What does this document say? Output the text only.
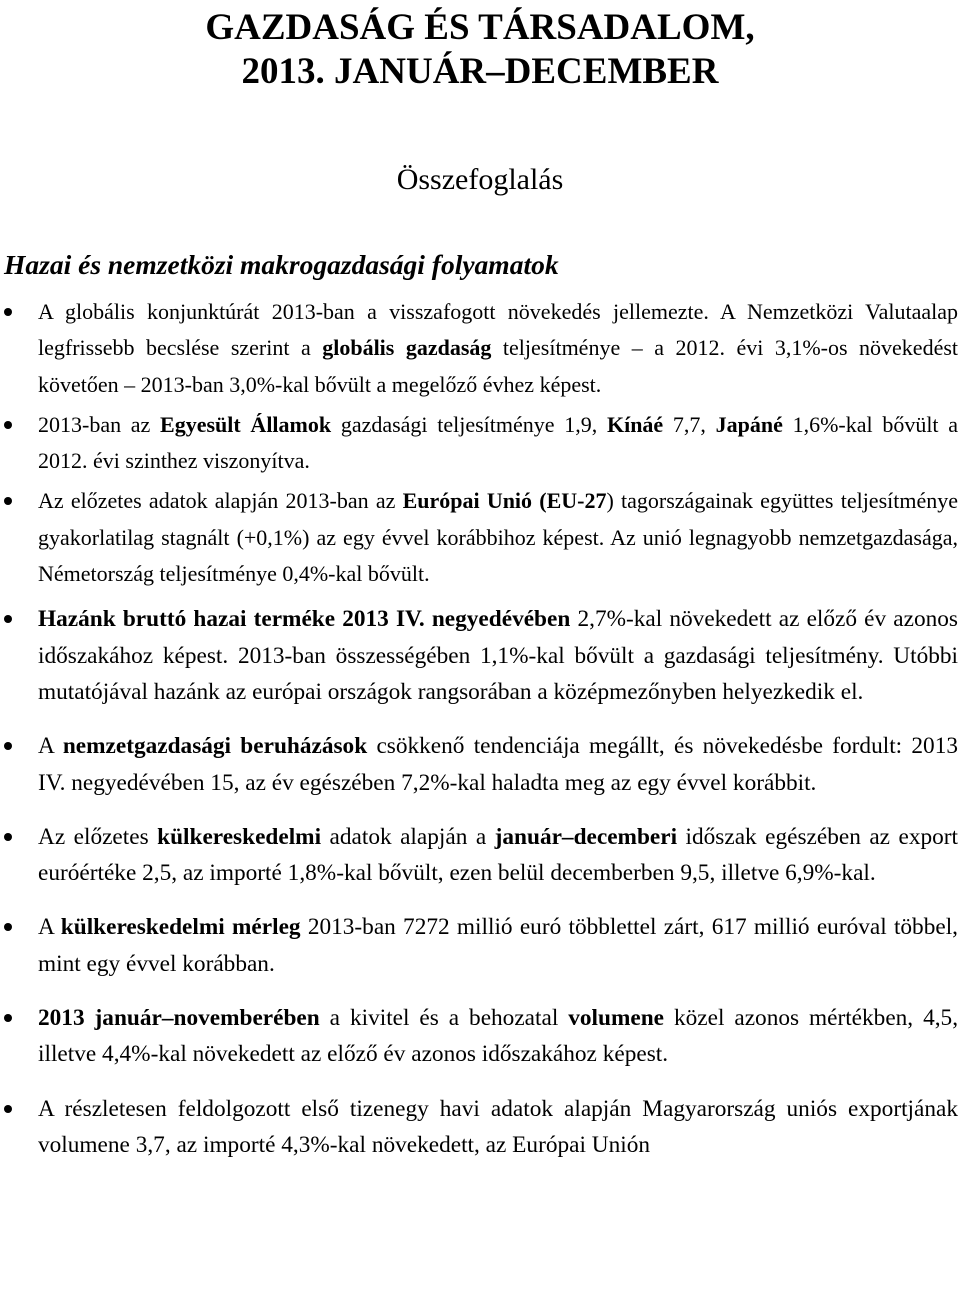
GAZDASÁG ÉS TÁRSADALOM,
2013. JANUÁR–DECEMBER
Összefoglalás
Hazai és nemzetközi makrogazdasági folyamatok
A globális konjunktúrát 2013-ban a visszafogott növekedés jellemezte. A Nemzetközi Valutaalap legfrissebb becslése szerint a globális gazdaság teljesítménye – a 2012. évi 3,1%-os növekedést követően – 2013-ban 3,0%-kal bővült a megelőző évhez képest.
2013-ban az Egyesült Államok gazdasági teljesítménye 1,9, Kínáé 7,7, Japáné 1,6%-kal bővült a 2012. évi szinthez viszonyítva.
Az előzetes adatok alapján 2013-ban az Európai Unió (EU-27) tagországainak együttes teljesítménye gyakorlatilag stagnált (+0,1%) az egy évvel korábbihoz képest. Az unió legnagyobb nemzetgazdasága, Németország teljesítménye 0,4%-kal bővült.
Hazánk bruttó hazai terméke 2013 IV. negyedévében 2,7%-kal növekedett az előző év azonos időszakához képest. 2013-ban összességében 1,1%-kal bővült a gazdasági teljesítmény. Utóbbi mutatójával hazánk az európai országok rangsorában a középmezőnyben helyezkedik el.
A nemzetgazdasági beruházások csökkenő tendenciája megállt, és növekedésbe fordult: 2013 IV. negyedévében 15, az év egészében 7,2%-kal haladta meg az egy évvel korábbit.
Az előzetes külkereskedelmi adatok alapján a január–decemberi időszak egészében az export euróértéke 2,5, az importé 1,8%-kal bővült, ezen belül decemberben 9,5, illetve 6,9%-kal.
A külkereskedelmi mérleg 2013-ban 7272 millió euró többlettel zárt, 617 millió euróval többel, mint egy évvel korábban.
2013 január–novemberében a kivitel és a behozatal volumene közel azonos mértékben, 4,5, illetve 4,4%-kal növekedett az előző év azonos időszakához képest.
A részletesen feldolgozott első tizenegy havi adatok alapján Magyarország uniós exportjának volumene 3,7, az importé 4,3%-kal növekedett, az Európai Unión
